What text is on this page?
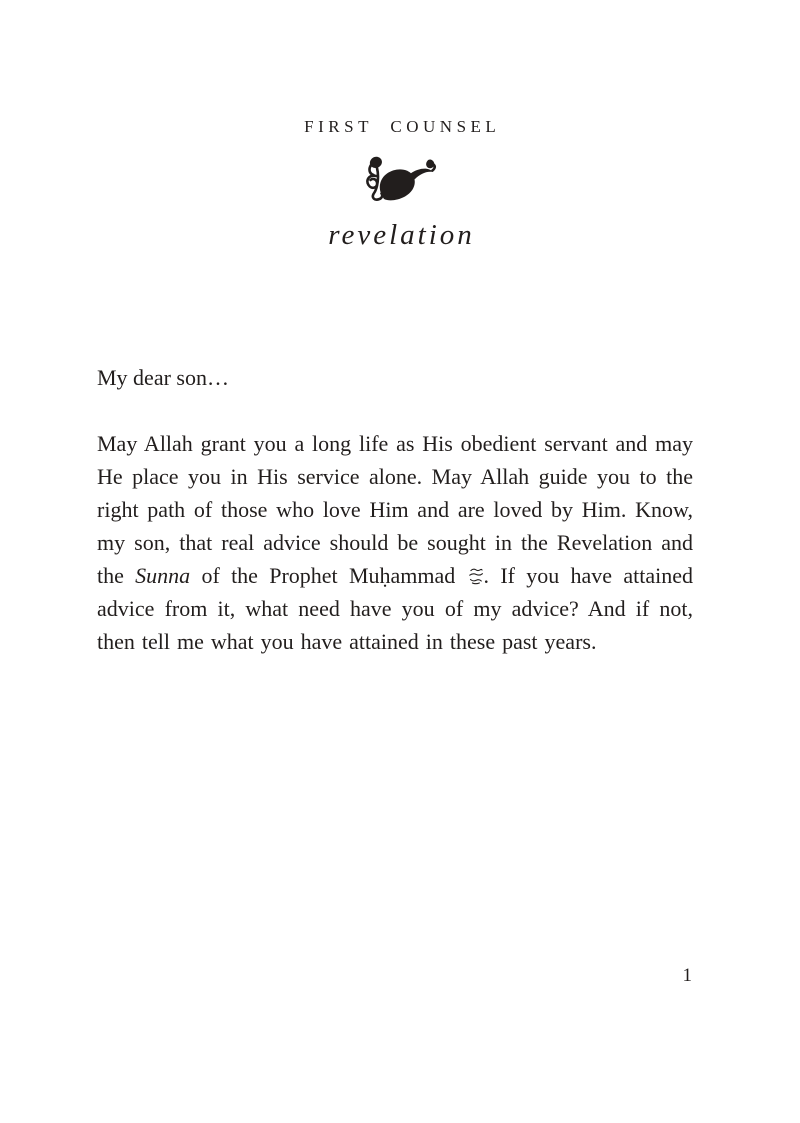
FIRST COUNSEL
revelation

My dear son…

May Allah grant you a long life as His obedient servant and may He place you in His service alone. May Allah guide you to the right path of those who love Him and are loved by Him. Know, my son, that real advice should be sought in the Revelation and the Sunna of the Prophet Muḥammad . If you have attained advice from it, what need have you of my advice? And if not, then tell me what you have attained in these past years.

1
